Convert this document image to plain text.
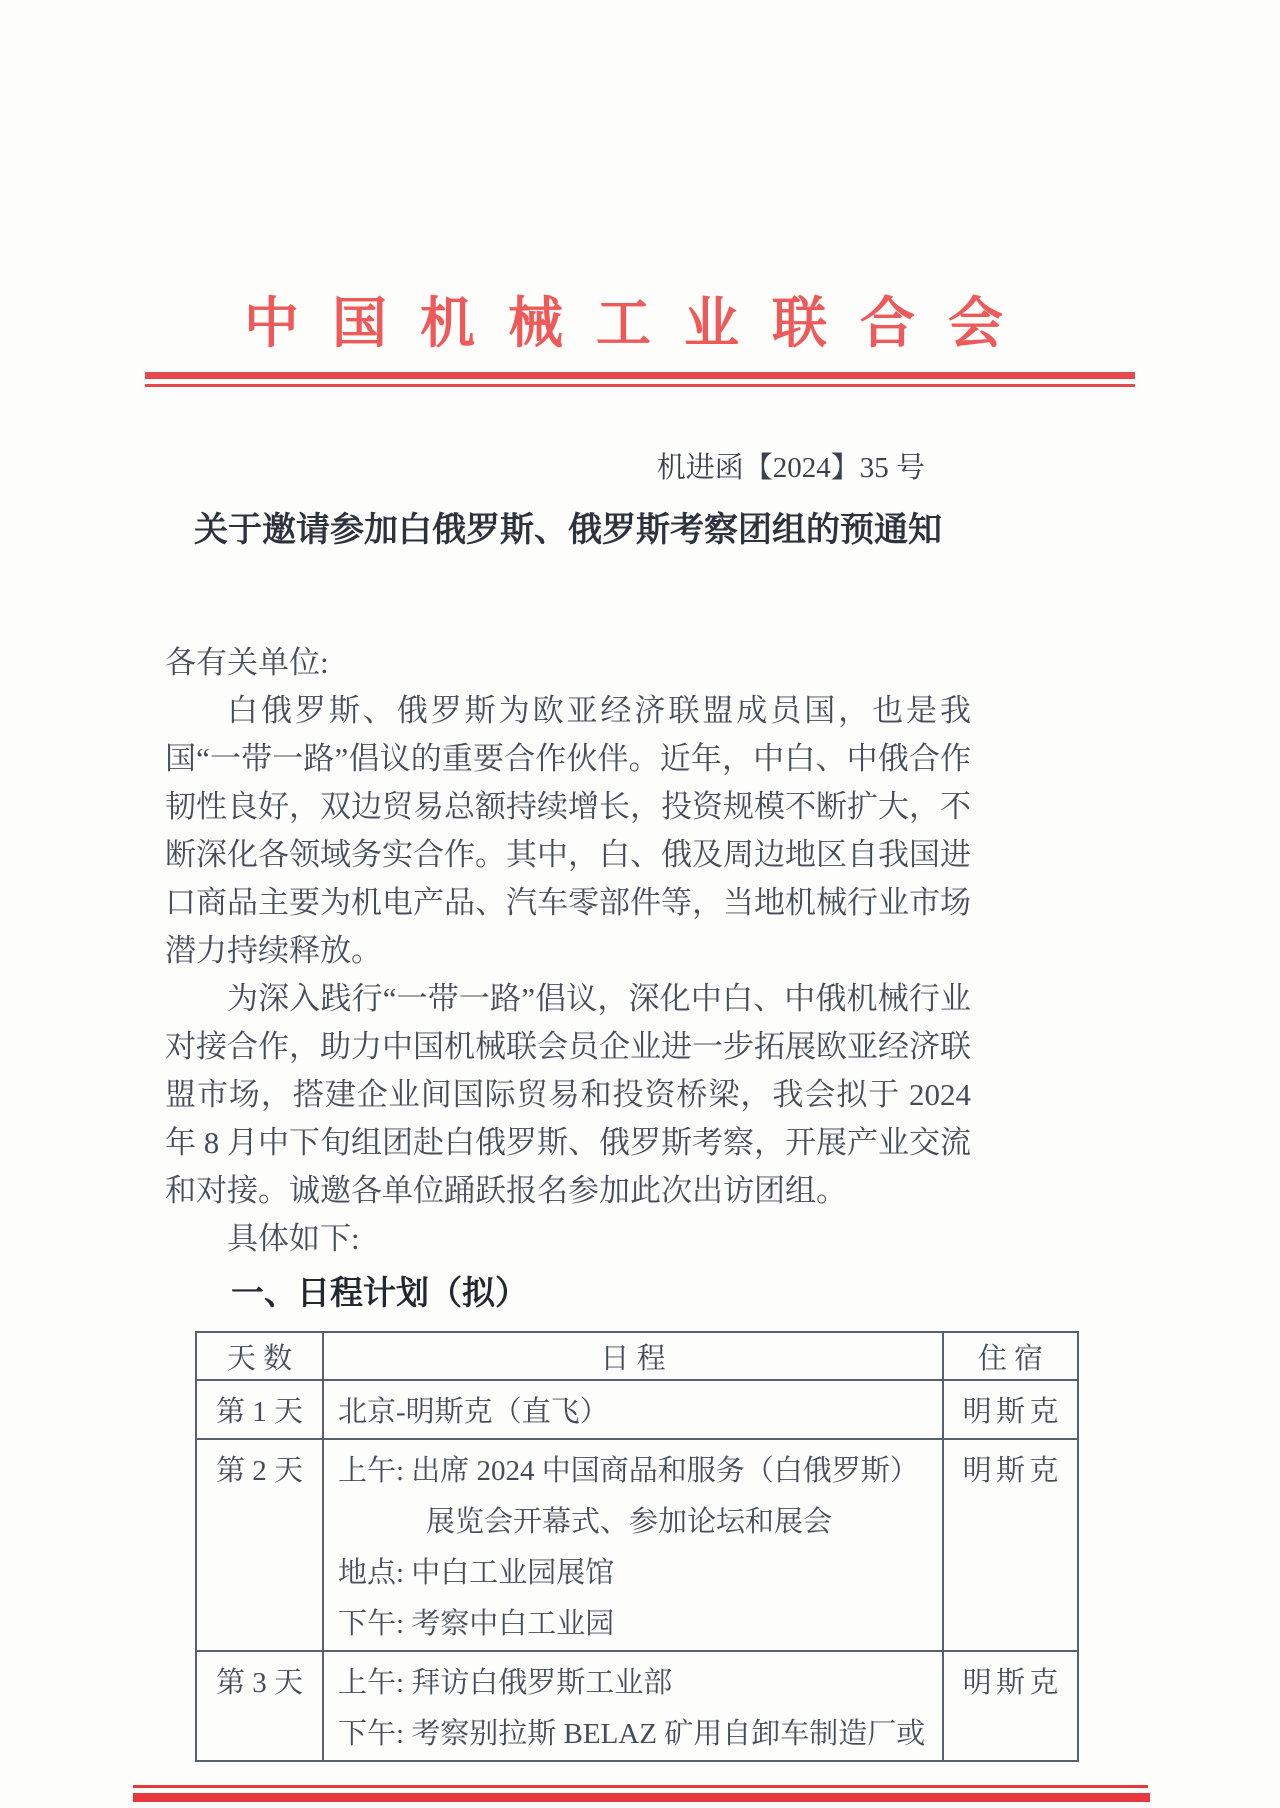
中国机械工业联合会
机进函【2024】35 号
关于邀请参加白俄罗斯、俄罗斯考察团组的预通知

各有关单位:

白俄罗斯、俄罗斯为欧亚经济联盟成员国，也是我国“一带一路”倡议的重要合作伙伴。近年，中白、中俄合作韧性良好，双边贸易总额持续增长，投资规模不断扩大，不断深化各领域务实合作。其中，白、俄及周边地区自我国进口商品主要为机电产品、汽车零部件等，当地机械行业市场潜力持续释放。

为深入践行“一带一路”倡议，深化中白、中俄机械行业对接合作，助力中国机械联会员企业进一步拓展欧亚经济联盟市场，搭建企业间国际贸易和投资桥梁，我会拟于 2024 年 8 月中下旬组团赴白俄罗斯、俄罗斯考察，开展产业交流和对接。诚邀各单位踊跃报名参加此次出访团组。

具体如下:

一、日程计划（拟）
天数	日程	住宿
第 1 天	北京-明斯克（直飞）	明斯克
第 2 天	上午: 出席 2024 中国商品和服务（白俄罗斯）
展览会开幕式、参加论坛和展会
地点: 中白工业园展馆
下午: 考察中白工业园	明斯克
第 3 天	上午: 拜访白俄罗斯工业部
下午: 考察别拉斯 BELAZ 矿用自卸车制造厂或	明斯克
